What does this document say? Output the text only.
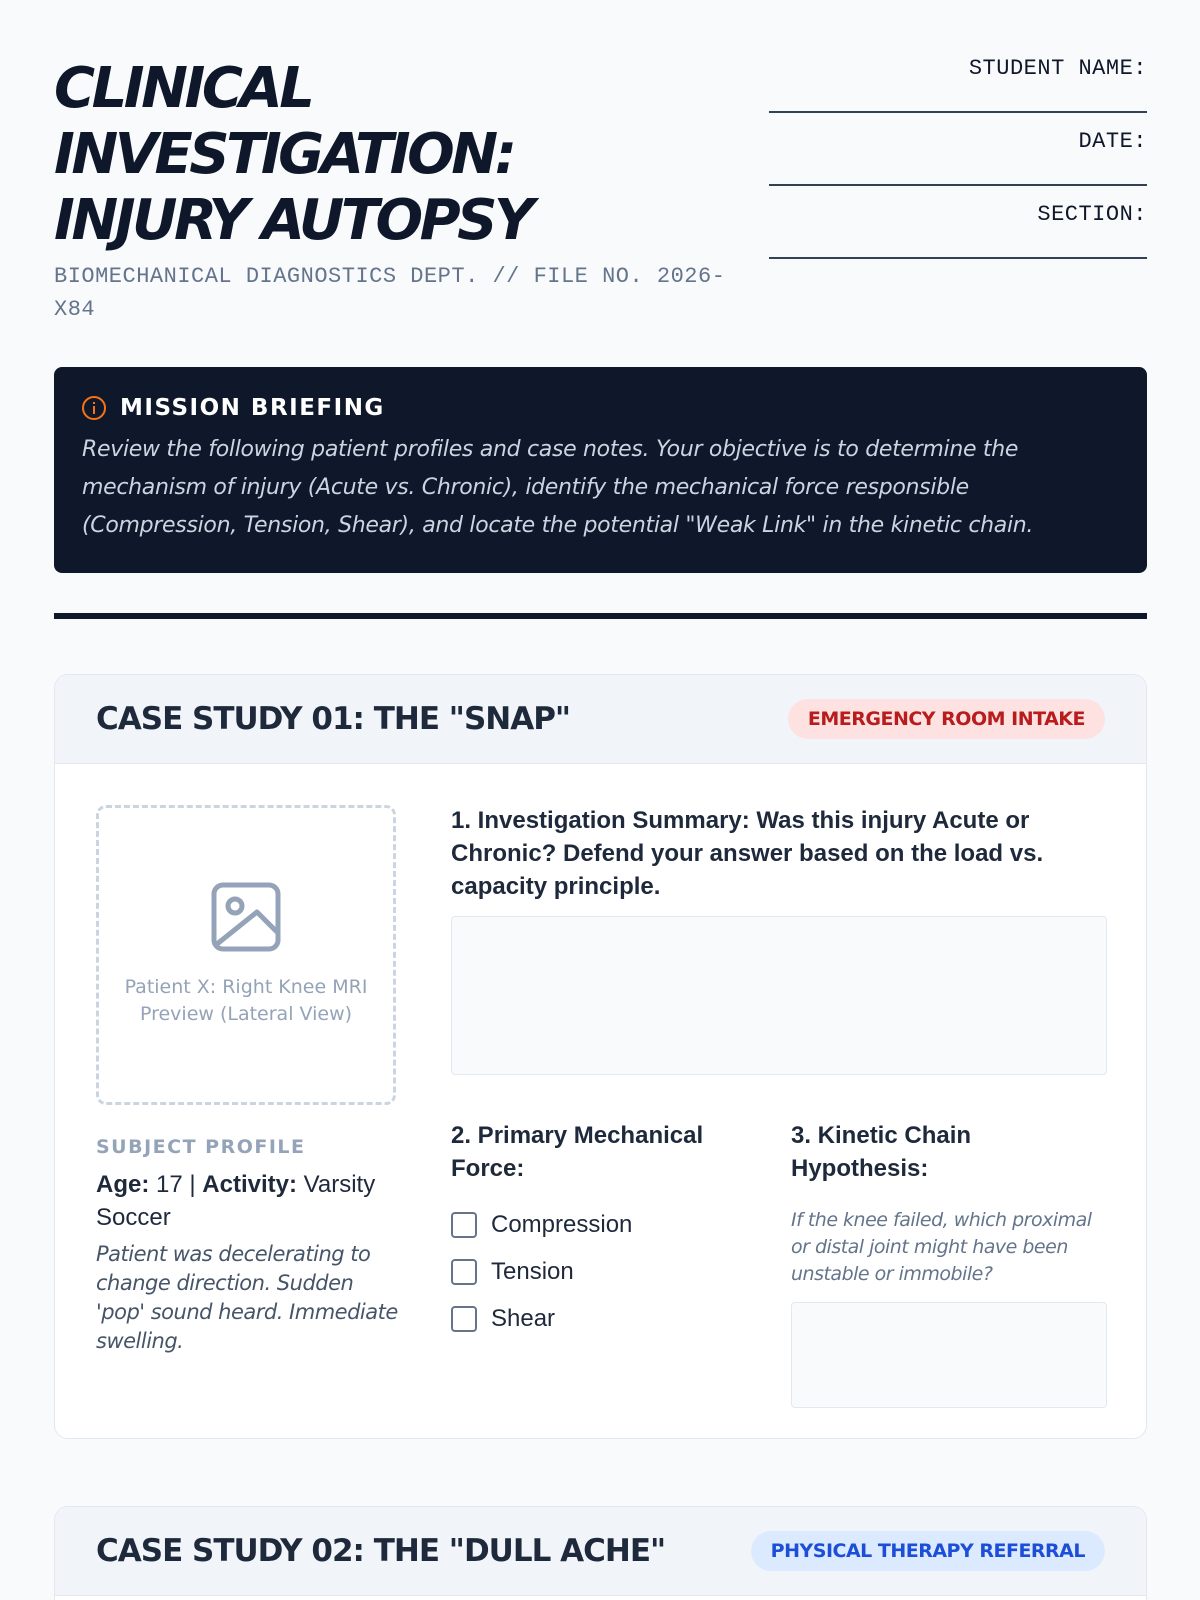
CLINICAL
INVESTIGATION:
INJURY AUTOPSY
BIOMECHANICAL DIAGNOSTICS DEPT. // FILE NO. 2026-X84
STUDENT NAME:
DATE:
SECTION:
MISSION BRIEFING

Review the following patient profiles and case notes. Your objective is to determine the mechanism of injury (Acute vs. Chronic), identify the mechanical force responsible (Compression, Tension, Shear), and locate the potential "Weak Link" in the kinetic chain.

CASE STUDY 01: THE "SNAP"	EMERGENCY ROOM INTAKE
Patient X: Right Knee MRI Preview (Lateral View)
SUBJECT PROFILE
Age: 17 | Activity: Varsity Soccer

Patient was decelerating to change direction. Sudden 'pop' sound heard. Immediate swelling.

1. Investigation Summary: Was this injury Acute or Chronic? Defend your answer based on the load vs. capacity principle.
2. Primary Mechanical Force:
Compression
Tension
Shear
3. Kinetic Chain Hypothesis:
If the knee failed, which proximal or distal joint might have been unstable or immobile?
CASE STUDY 02: THE "DULL ACHE"	PHYSICAL THERAPY REFERRAL
